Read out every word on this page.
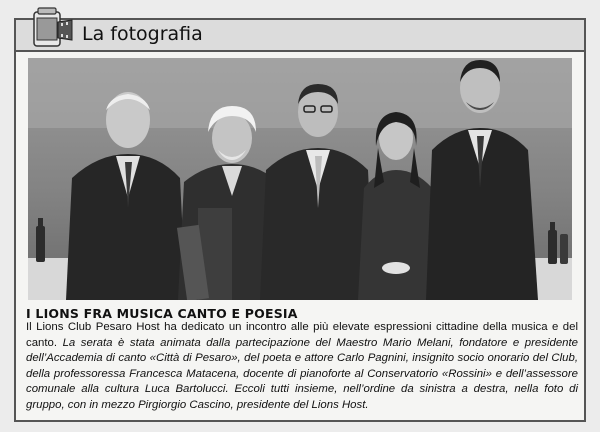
La fotografia
I LIONS FRA MUSICA CANTO E POESIA
Il Lions Club Pesaro Host ha dedicato un incontro alle più elevate espressioni cittadine della musica e del canto. La serata è stata animata dalla partecipazione del Maestro Mario Melani, fondatore e presidente dell’Accademia di canto «Città di Pesaro», del poeta e attore Carlo Pagnini, insignito socio onorario del Club, della professoressa Francesca Matacena, docente di pianoforte al Conservatorio «Rossini» e dell’assessore comunale alla cultura Luca Bartolucci. Eccoli tutti insieme, nell’ordine da sinistra a destra, nella foto di gruppo, con in mezzo Pirgiorgio Cascino, presidente del Lions Host.
